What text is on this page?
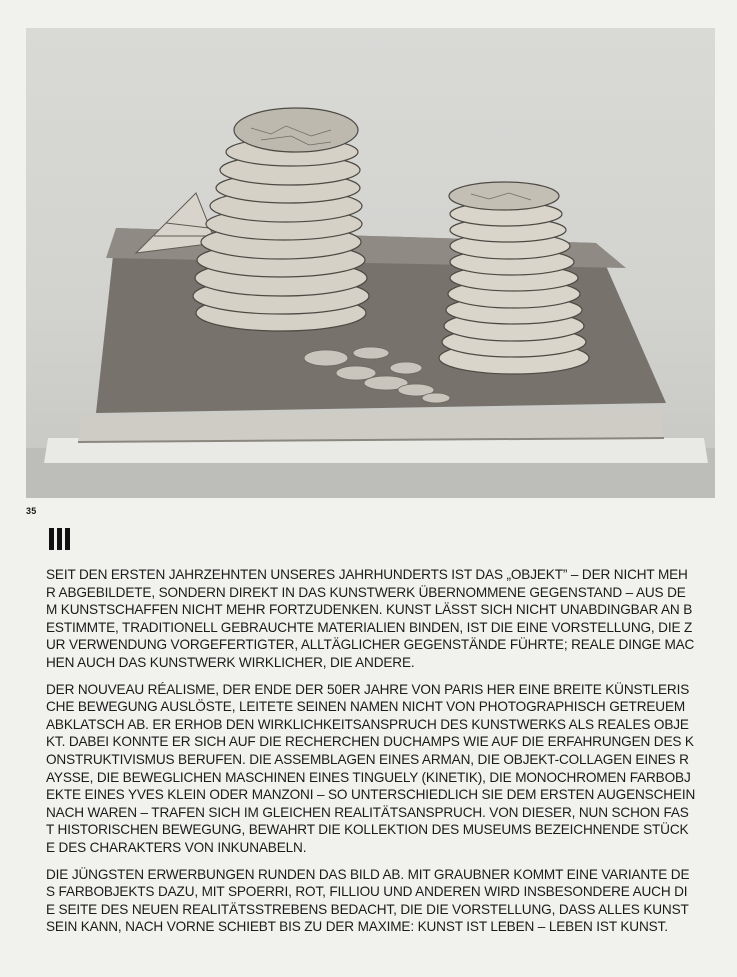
35

SEIT DEN ERSTEN JAHRZEHNTEN UNSERES JAHRHUNDERTS IST DAS „OBJEKT” – DER NICHT MEHR ABGEBILDETE, SONDERN DIREKT IN DAS KUNSTWERK ÜBERNOMMENE GEGENSTAND – AUS DEM KUNSTSCHAFFEN NICHT MEHR FORTZUDENKEN. KUNST LÄSST SICH NICHT UNABDINGBAR AN BESTIMMTE, TRADITIONELL GEBRAUCHTE MATERIALIEN BINDEN, IST DIE EINE VORSTELLUNG, DIE ZUR VERWENDUNG VORGEFERTIGTER, ALLTÄGLICHER GEGENSTÄNDE FÜHRTE; REALE DINGE MACHEN AUCH DAS KUNSTWERK WIRKLICHER, DIE ANDERE.

DER NOUVEAU RÉALISME, DER ENDE DER 50ER JAHRE VON PARIS HER EINE BREITE KÜNSTLERISCHE BEWEGUNG AUSLÖSTE, LEITETE SEINEN NAMEN NICHT VON PHOTOGRAPHISCH GETREUEM ABKLATSCH AB. ER ERHOB DEN WIRKLICHKEITSANSPRUCH DES KUNSTWERKS ALS REALES OBJEKT. DABEI KONNTE ER SICH AUF DIE RECHERCHEN DUCHAMPS WIE AUF DIE ERFAHRUNGEN DES KONSTRUKTIVISMUS BERUFEN. DIE ASSEMBLAGEN EINES ARMAN, DIE OBJEKT-COLLAGEN EINES RAYSSE, DIE BEWEGLICHEN MASCHINEN EINES TINGUELY (KINETIK), DIE MONOCHROMEN FARBOBJEKTE EINES YVES KLEIN ODER MANZONI – SO UNTERSCHIEDLICH SIE DEM ERSTEN AUGENSCHEIN NACH WAREN – TRAFEN SICH IM GLEICHEN REALITÄTSANSPRUCH. VON DIESER, NUN SCHON FAST HISTORISCHEN BEWEGUNG, BEWAHRT DIE KOLLEKTION DES MUSEUMS BEZEICHNENDE STÜCKE DES CHARAKTERS VON INKUNABELN.

DIE JÜNGSTEN ERWERBUNGEN RUNDEN DAS BILD AB. MIT GRAUBNER KOMMT EINE VARIANTE DES FARBOBJEKTS DAZU, MIT SPOERRI, ROT, FILLIOU UND ANDEREN WIRD INSBESONDERE AUCH DIE SEITE DES NEUEN REALITÄTSSTREBENS BEDACHT, DIE DIE VORSTELLUNG, DASS ALLES KUNST SEIN KANN, NACH VORNE SCHIEBT BIS ZU DER MAXIME: KUNST IST LEBEN – LEBEN IST KUNST.
